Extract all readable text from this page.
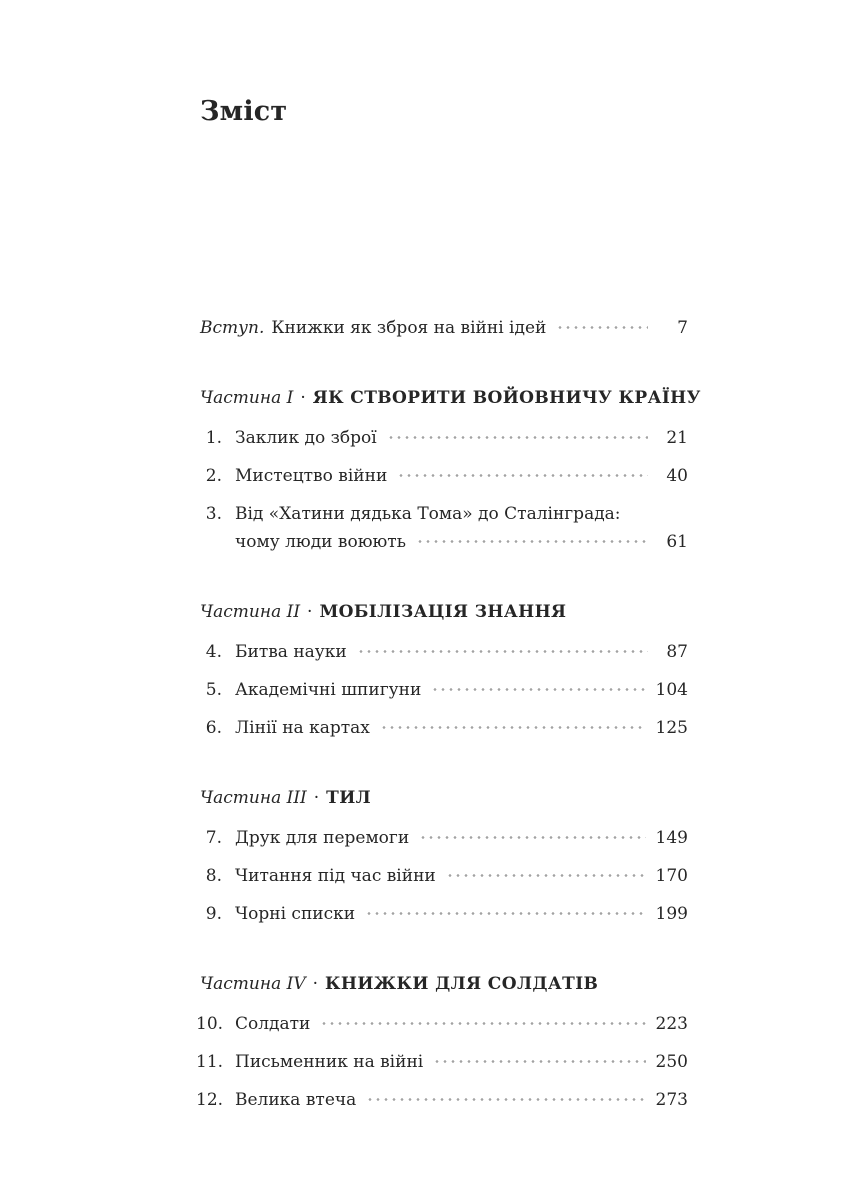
Зміст
Вступ. Книжки як зброя на війні ідей	7
Частина I · ЯК СТВОРИТИ ВОЙОВНИЧУ КРАЇНУ
1. Заклик до зброї	21
2. Мистецтво війни	40
3. Від «Хатини дядька Тома» до Сталінграда:
чому люди воюють	61
Частина II · МОБІЛІЗАЦІЯ ЗНАННЯ
4. Битва науки	87
5. Академічні шпигуни	104
6. Лінії на картах	125
Частина III · ТИЛ
7. Друк для перемоги	149
8. Читання під час війни	170
9. Чорні списки	199
Частина IV · КНИЖКИ ДЛЯ СОЛДАТІВ
10. Солдати	223
11. Письменник на війні	250
12. Велика втеча	273
